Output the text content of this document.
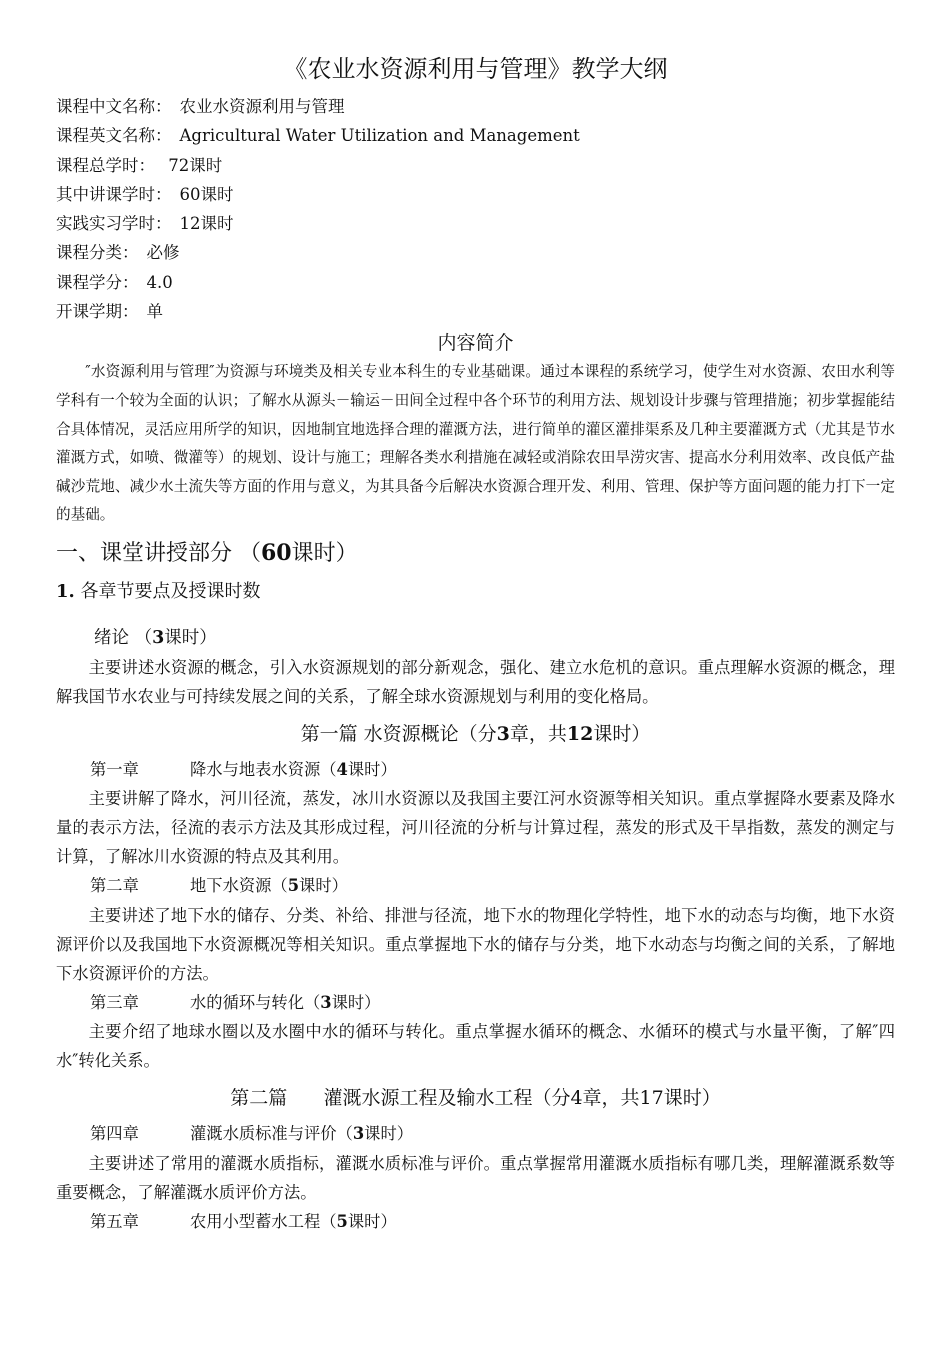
《农业水资源利用与管理》教学大纲
课程中文名称： 农业水资源利用与管理
课程英文名称： Agricultural Water Utilization and Management
课程总学时： 72课时
其中讲课学时： 60课时
实践实习学时： 12课时
课程分类： 必修
课程学分： 4.0
开课学期： 单
内容简介

″水资源利用与管理″为资源与环境类及相关专业本科生的专业基础课。通过本课程的系统学习，使学生对水资源、农田水利等学科有一个较为全面的认识；了解水从源头－输运－田间全过程中各个环节的利用方法、规划设计步骤与管理措施；初步掌握能结合具体情况，灵活应用所学的知识，因地制宜地选择合理的灌溉方法，进行简单的灌区灌排渠系及几种主要灌溉方式（尤其是节水灌溉方式，如喷、微灌等）的规划、设计与施工；理解各类水利措施在减轻或消除农田旱涝灾害、提高水分利用效率、改良低产盐碱沙荒地、减少水土流失等方面的作用与意义，为其具备今后解决水资源合理开发、利用、管理、保护等方面问题的能力打下一定的基础。

一、课堂讲授部分 （60课时）
1. 各章节要点及授课时数
绪论 （3课时）

主要讲述水资源的概念，引入水资源规划的部分新观念，强化、建立水危机的意识。重点理解水资源的概念，理解我国节水农业与可持续发展之间的关系，了解全球水资源规划与利用的变化格局。

第一篇 水资源概论（分3章，共12课时）
第一章	降水与地表水资源（4课时）

主要讲解了降水，河川径流，蒸发，冰川水资源以及我国主要江河水资源等相关知识。重点掌握降水要素及降水量的表示方法，径流的表示方法及其形成过程，河川径流的分析与计算过程，蒸发的形式及干旱指数，蒸发的测定与计算，了解冰川水资源的特点及其利用。

第二章	地下水资源（5课时）

主要讲述了地下水的储存、分类、补给、排泄与径流，地下水的物理化学特性，地下水的动态与均衡，地下水资源评价以及我国地下水资源概况等相关知识。重点掌握地下水的储存与分类，地下水动态与均衡之间的关系，了解地下水资源评价的方法。

第三章	水的循环与转化（3课时）

主要介绍了地球水圈以及水圈中水的循环与转化。重点掌握水循环的概念、水循环的模式与水量平衡，了解″四水″转化关系。

第二篇      灌溉水源工程及输水工程（分4章，共17课时）
第四章	灌溉水质标准与评价（3课时）

主要讲述了常用的灌溉水质指标，灌溉水质标准与评价。重点掌握常用灌溉水质指标有哪几类，理解灌溉系数等重要概念，了解灌溉水质评价方法。

第五章	农用小型蓄水工程（5课时）
